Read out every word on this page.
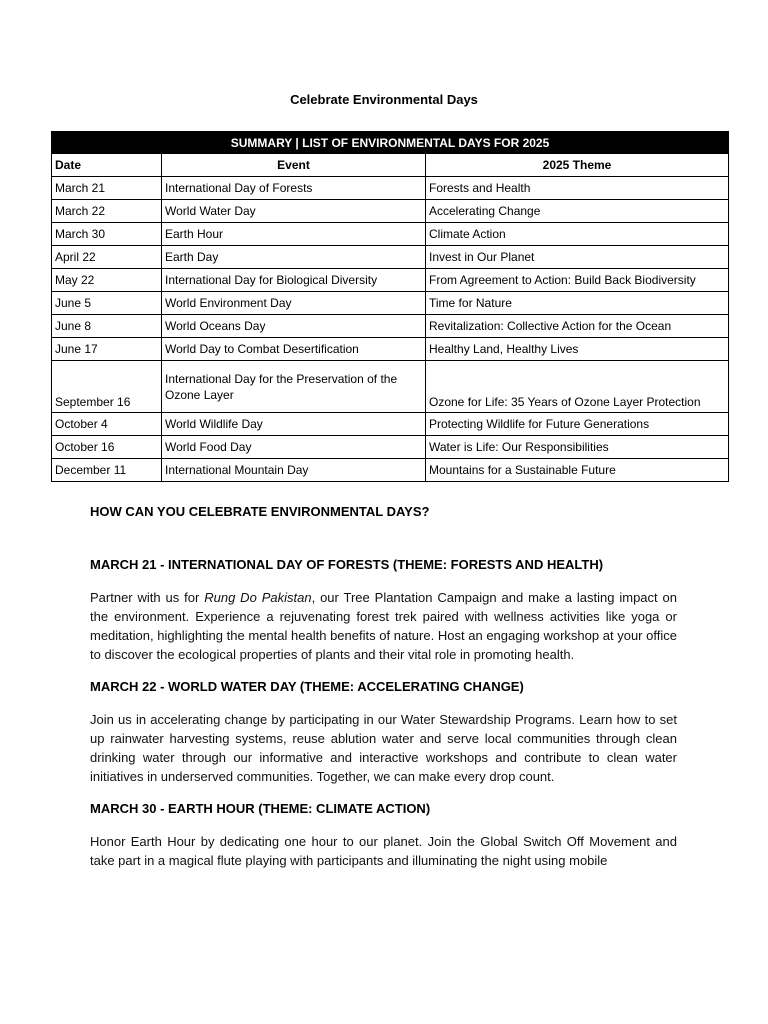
Celebrate Environmental Days
SUMMARY | LIST OF ENVIRONMENTAL DAYS FOR 2025		
Date	Event	2025 Theme
March 21	International Day of Forests	Forests and Health
March 22	World Water Day	Accelerating Change
March 30	Earth Hour	Climate Action
April 22	Earth Day	Invest in Our Planet
May 22	International Day for Biological Diversity	From Agreement to Action: Build Back Biodiversity
June 5	World Environment Day	Time for Nature
June 8	World Oceans Day	Revitalization: Collective Action for the Ocean
June 17	World Day to Combat Desertification	Healthy Land, Healthy Lives
September 16	International Day for the Preservation of the Ozone Layer	Ozone for Life: 35 Years of Ozone Layer Protection
October 4	World Wildlife Day	Protecting Wildlife for Future Generations
October 16	World Food Day	Water is Life: Our Responsibilities
December 11	International Mountain Day	Mountains for a Sustainable Future
HOW CAN YOU CELEBRATE ENVIRONMENTAL DAYS?
MARCH 21 - INTERNATIONAL DAY OF FORESTS (THEME: FORESTS AND HEALTH)

Partner with us for Rung Do Pakistan, our Tree Plantation Campaign and make a lasting impact on the environment. Experience a rejuvenating forest trek paired with wellness activities like yoga or meditation, highlighting the mental health benefits of nature. Host an engaging workshop at your office to discover the ecological properties of plants and their vital role in promoting health.

MARCH 22 - WORLD WATER DAY (THEME: ACCELERATING CHANGE)

Join us in accelerating change by participating in our Water Stewardship Programs. Learn how to set up rainwater harvesting systems, reuse ablution water and serve local communities through clean drinking water through our informative and interactive workshops and contribute to clean water initiatives in underserved communities. Together, we can make every drop count.

MARCH 30 - EARTH HOUR (THEME: CLIMATE ACTION)

Honor Earth Hour by dedicating one hour to our planet. Join the Global Switch Off Movement and take part in a magical flute playing with participants and illuminating the night using mobile
